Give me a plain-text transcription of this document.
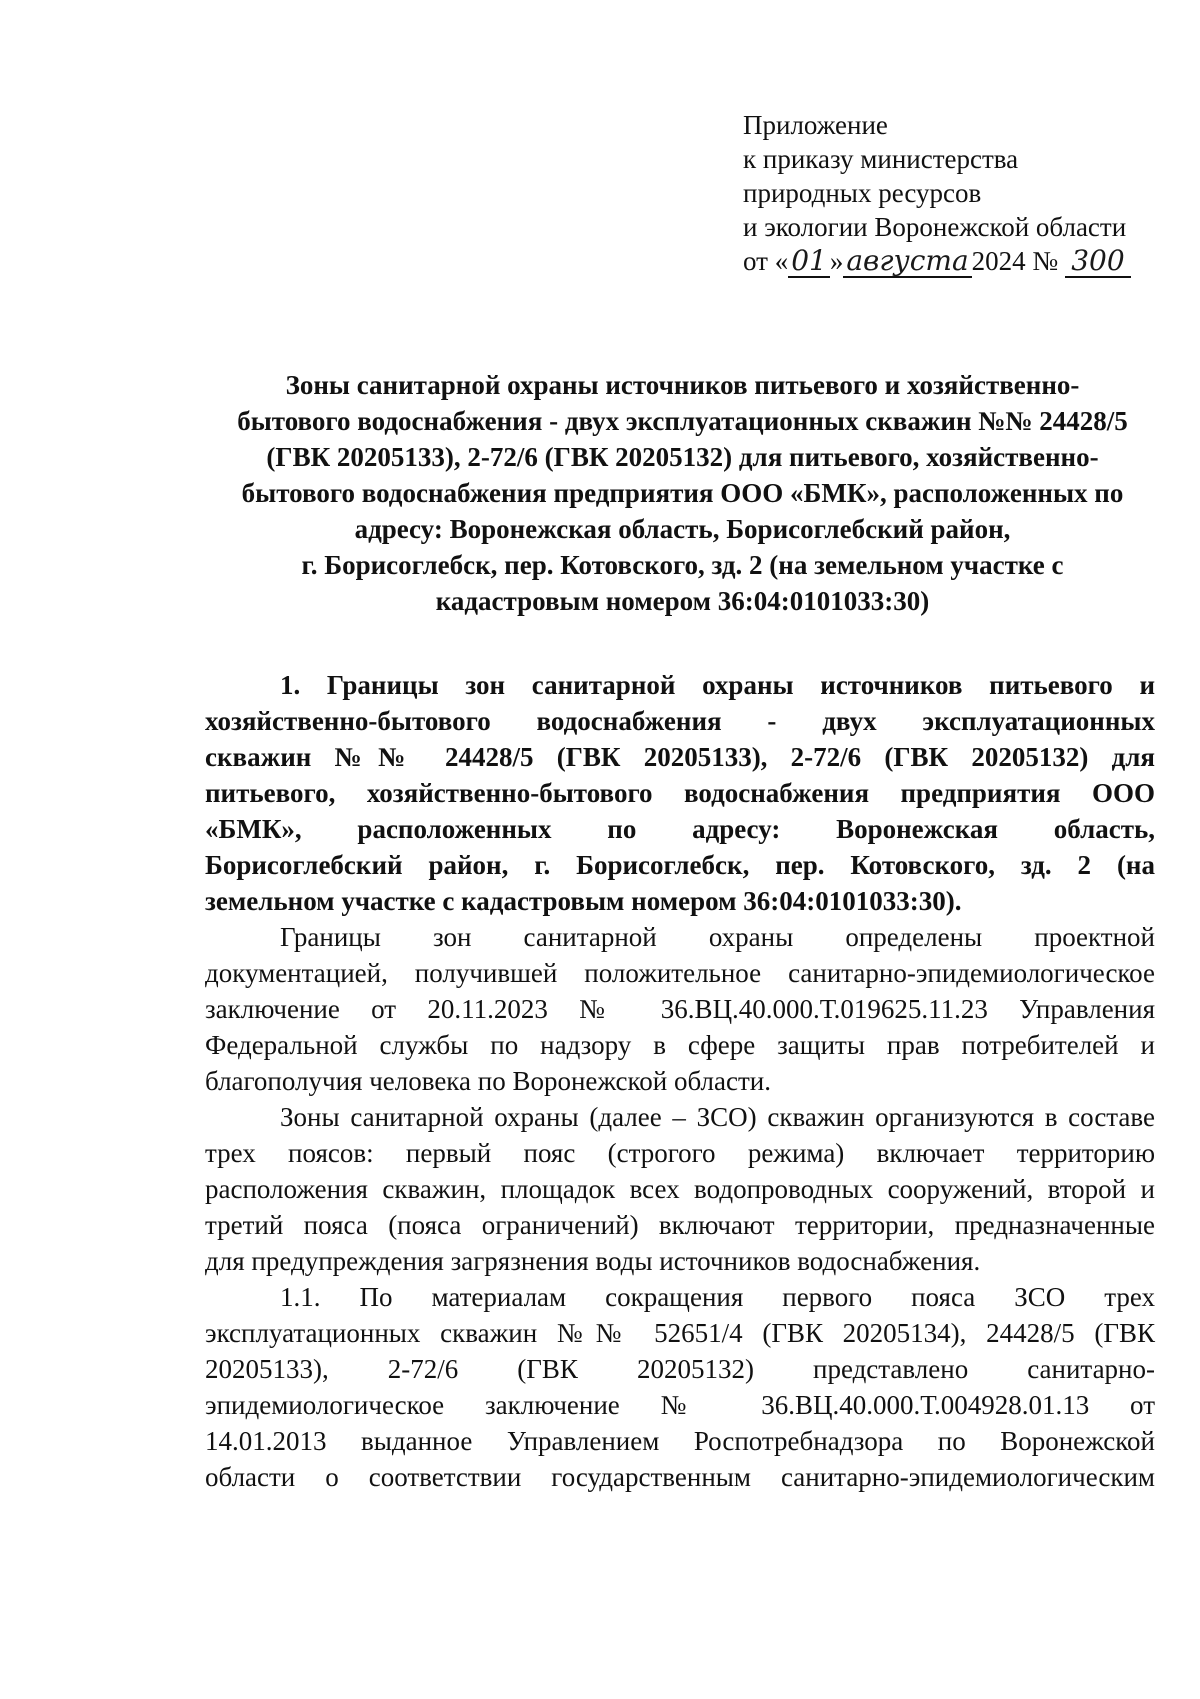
Приложение
к приказу министерства
природных ресурсов
и экологии Воронежской области
от « 01 » августа 2024 № 300
Зоны санитарной охраны источников питьевого и хозяйственно-
бытового водоснабжения - двух эксплуатационных скважин №№ 24428/5
(ГВК 20205133), 2-72/6 (ГВК 20205132) для питьевого, хозяйственно-
бытового водоснабжения предприятия ООО «БМК», расположенных по
адресу: Воронежская область, Борисоглебский район,
г. Борисоглебск, пер. Котовского, зд. 2 (на земельном участке с
кадастровым номером 36:04:0101033:30)
1. Границы зон санитарной охраны источников питьевого и
хозяйственно-бытового водоснабжения - двух эксплуатационных
скважин №№ 24428/5 (ГВК 20205133), 2-72/6 (ГВК 20205132) для
питьевого, хозяйственно-бытового водоснабжения предприятия ООО
«БМК», расположенных по адресу: Воронежская область,
Борисоглебский район, г. Борисоглебск, пер. Котовского, зд. 2 (на
земельном участке с кадастровым номером 36:04:0101033:30).
Границы зон санитарной охраны определены проектной
документацией, получившей положительное санитарно-эпидемиологическое
заключение от 20.11.2023 № 36.ВЦ.40.000.Т.019625.11.23 Управления
Федеральной службы по надзору в сфере защиты прав потребителей и
благополучия человека по Воронежской области.
Зоны санитарной охраны (далее – ЗСО) скважин организуются в составе
трех поясов: первый пояс (строгого режима) включает территорию
расположения скважин, площадок всех водопроводных сооружений, второй и
третий пояса (пояса ограничений) включают территории, предназначенные
для предупреждения загрязнения воды источников водоснабжения.
1.1. По материалам сокращения первого пояса ЗСО трех
эксплуатационных скважин №№ 52651/4 (ГВК 20205134), 24428/5 (ГВК
20205133), 2-72/6 (ГВК 20205132) представлено санитарно-
эпидемиологическое заключение № 36.ВЦ.40.000.Т.004928.01.13 от
14.01.2013 выданное Управлением Роспотребнадзора по Воронежской
области о соответствии государственным санитарно-эпидемиологическим
